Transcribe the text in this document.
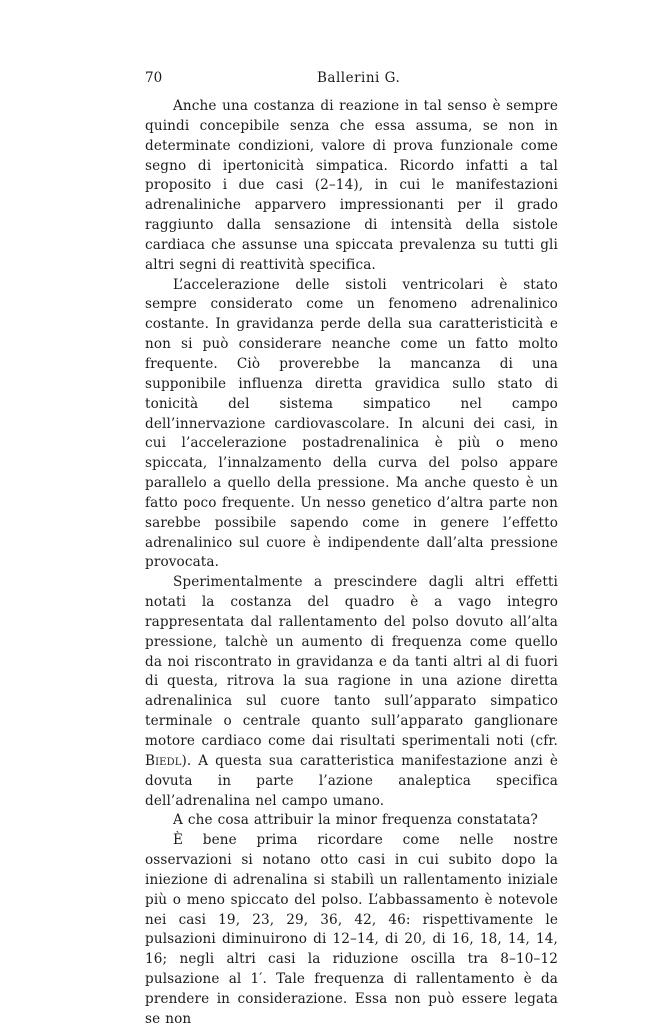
70	Ballerini G.

Anche una costanza di reazione in tal senso è sempre quindi concepibile senza che essa assuma, se non in determinate condizioni, valore di prova funzionale come segno di ipertonicità simpatica. Ricordo infatti a tal proposito i due casi (2–14), in cui le manifestazioni adrenaliniche apparvero impressionanti per il grado raggiunto dalla sensazione di intensità della sistole cardiaca che assunse una spiccata prevalenza su tutti gli altri segni di reattività specifica.

L’accelerazione delle sistoli ventricolari è stato sempre considerato come un fenomeno adrenalinico costante. In gravidanza perde della sua caratteristicità e non si può considerare neanche come un fatto molto frequente. Ciò proverebbe la mancanza di una supponibile influenza diretta gravidica sullo stato di tonicità del sistema simpatico nel campo dell’innervazione cardiovascolare. In alcuni dei casi, in cui l’accelerazione postadrenalinica è più o meno spiccata, l’innalzamento della curva del polso appare parallelo a quello della pressione. Ma anche questo è un fatto poco frequente. Un nesso genetico d’altra parte non sarebbe possibile sapendo come in genere l’effetto adrenalinico sul cuore è indipendente dall’alta pressione provocata.

Sperimentalmente a prescindere dagli altri effetti notati la costanza del quadro è a vago integro rappresentata dal rallentamento del polso dovuto all’alta pressione, talchè un aumento di frequenza come quello da noi riscontrato in gravidanza e da tanti altri al di fuori di questa, ritrova la sua ragione in una azione diretta adrenalinica sul cuore tanto sull’apparato simpatico terminale o centrale quanto sull’apparato ganglionare motore cardiaco come dai risultati sperimentali noti (cfr. Biedl). A questa sua caratteristica manifestazione anzi è dovuta in parte l’azione analeptica specifica dell’adrenalina nel campo umano.

A che cosa attribuir la minor frequenza constatata?

È bene prima ricordare come nelle nostre osservazioni si notano otto casi in cui subito dopo la iniezione di adrenalina si stabilì un rallentamento iniziale più o meno spiccato del polso. L’abbassamento è notevole nei casi 19, 23, 29, 36, 42, 46: rispettivamente le pulsazioni diminuirono di 12–14, di 20, di 16, 18, 14, 14, 16; negli altri casi la riduzione oscilla tra 8–10–12 pulsazione al 1′. Tale frequenza di rallentamento è da prendere in considerazione. Essa non può essere legata se non
